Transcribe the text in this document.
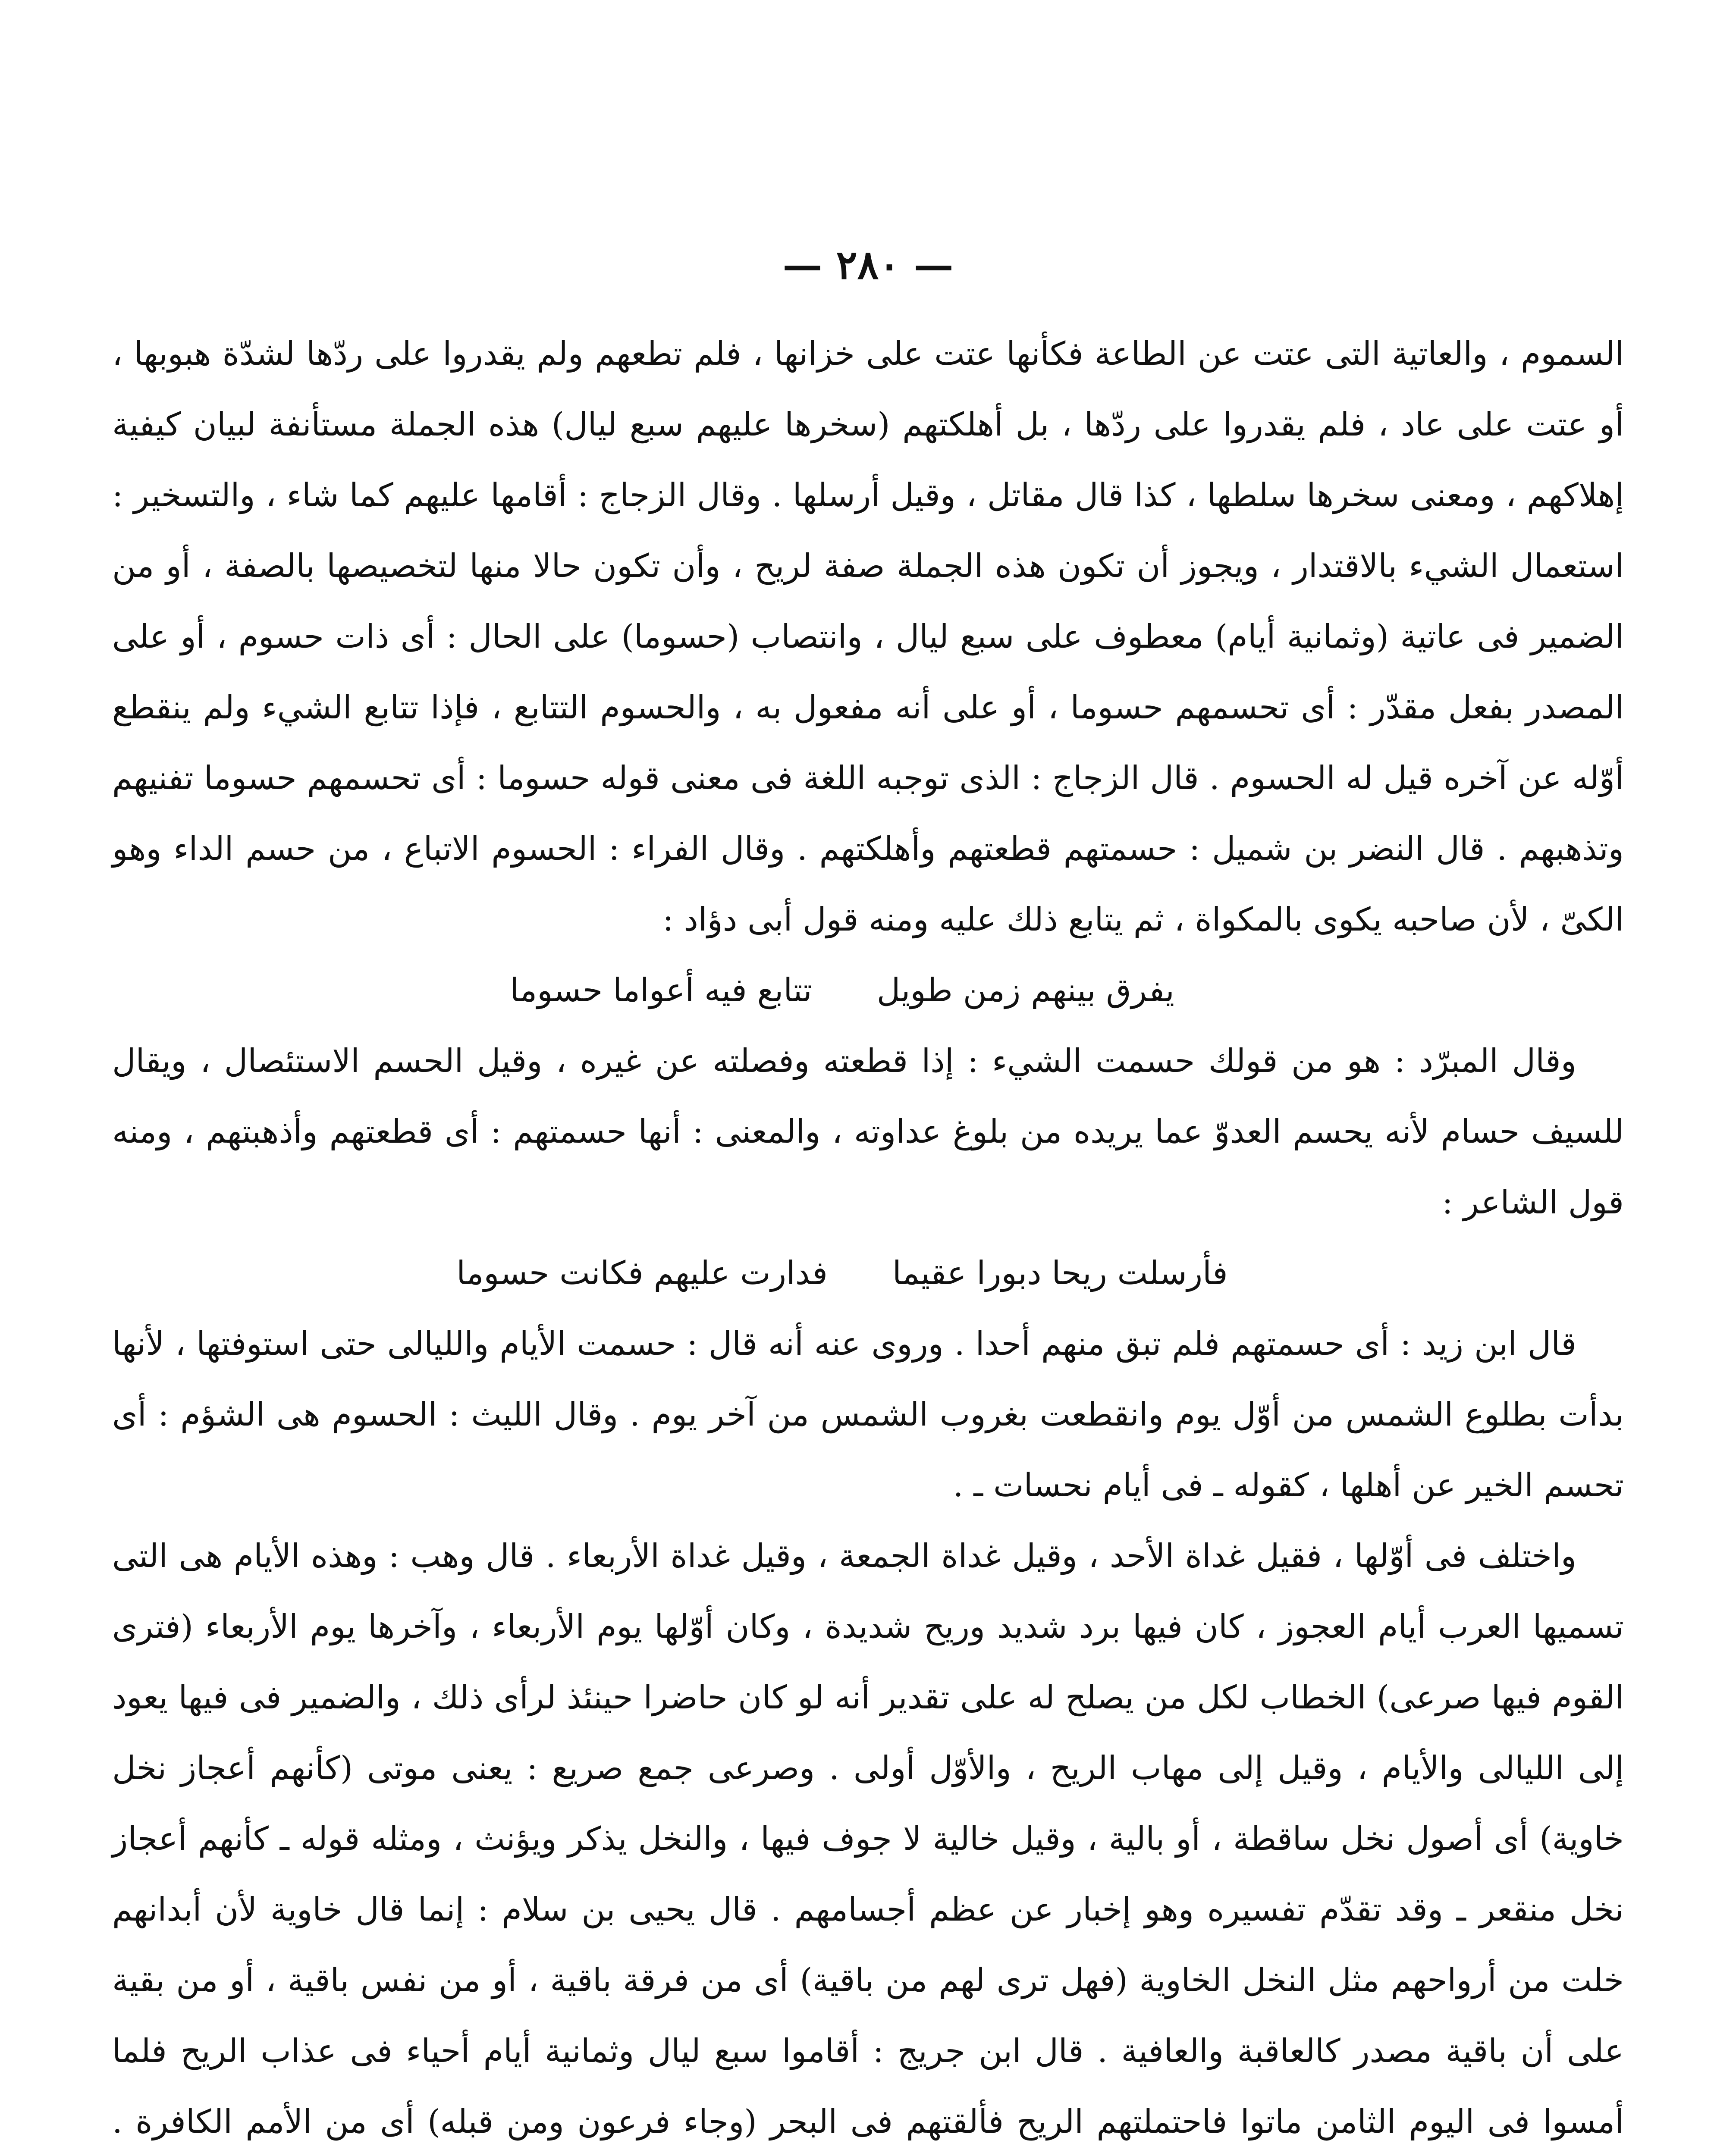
— ٢٨٠ —

السموم ، والعاتية التى عتت عن الطاعة فكأنها عتت على خزانها ، فلم تطعهم ولم يقدروا على ردّها لشدّة هبوبها ، أو عتت على عاد ، فلم يقدروا على ردّها ، بل أهلكتهم (سخرها عليهم سبع ليال) هذه الجملة مستأنفة لبيان كيفية إهلاكهم ، ومعنى سخرها سلطها ، كذا قال مقاتل ، وقيل أرسلها . وقال الزجاج : أقامها عليهم كما شاء ، والتسخير : استعمال الشيء بالاقتدار ، ويجوز أن تكون هذه الجملة صفة لريح ، وأن تكون حالا منها لتخصيصها بالصفة ، أو من الضمير فى عاتية (وثمانية أيام) معطوف على سبع ليال ، وانتصاب (حسوما) على الحال : أى ذات حسوم ، أو على المصدر بفعل مقدّر : أى تحسمهم حسوما ، أو على أنه مفعول به ، والحسوم التتابع ، فإذا تتابع الشيء ولم ينقطع أوّله عن آخره قيل له الحسوم . قال الزجاج : الذى توجبه اللغة فى معنى قوله حسوما : أى تحسمهم حسوما تفنيهم وتذهبهم . قال النضر بن شميل : حسمتهم قطعتهم وأهلكتهم . وقال الفراء : الحسوم الاتباع ، من حسم الداء وهو الكىّ ، لأن صاحبه يكوى بالمكواة ، ثم يتابع ذلك عليه ومنه قول أبى دؤاد :

يفرق بينهم زمن طويل
تتابع فيه أعواما حسوما

وقال المبرّد : هو من قولك حسمت الشيء : إذا قطعته وفصلته عن غيره ، وقيل الحسم الاستئصال ، ويقال للسيف حسام لأنه يحسم العدوّ عما يريده من بلوغ عداوته ، والمعنى : أنها حسمتهم : أى قطعتهم وأذهبتهم ، ومنه قول الشاعر :

فأرسلت ريحا دبورا عقيما
فدارت عليهم فكانت حسوما

قال ابن زيد : أى حسمتهم فلم تبق منهم أحدا . وروى عنه أنه قال : حسمت الأيام والليالى حتى استوفتها ، لأنها بدأت بطلوع الشمس من أوّل يوم وانقطعت بغروب الشمس من آخر يوم . وقال الليث : الحسوم هى الشؤم : أى تحسم الخير عن أهلها ، كقوله ـ فى أيام نحسات ـ .

واختلف فى أوّلها ، فقيل غداة الأحد ، وقيل غداة الجمعة ، وقيل غداة الأربعاء . قال وهب : وهذه الأيام هى التى تسميها العرب أيام العجوز ، كان فيها برد شديد وريح شديدة ، وكان أوّلها يوم الأربعاء ، وآخرها يوم الأربعاء (فترى القوم فيها صرعى) الخطاب لكل من يصلح له على تقدير أنه لو كان حاضرا حينئذ لرأى ذلك ، والضمير فى فيها يعود إلى الليالى والأيام ، وقيل إلى مهاب الريح ، والأوّل أولى . وصرعى جمع صريع : يعنى موتى (كأنهم أعجاز نخل خاوية) أى أصول نخل ساقطة ، أو بالية ، وقيل خالية لا جوف فيها ، والنخل يذكر ويؤنث ، ومثله قوله ـ كأنهم أعجاز نخل منقعر ـ وقد تقدّم تفسيره وهو إخبار عن عظم أجسامهم . قال يحيى بن سلام : إنما قال خاوية لأن أبدانهم خلت من أرواحهم مثل النخل الخاوية (فهل ترى لهم من باقية) أى من فرقة باقية ، أو من نفس باقية ، أو من بقية على أن باقية مصدر كالعاقبة والعافية . قال ابن جريج : أقاموا سبع ليال وثمانية أيام أحياء فى عذاب الريح فلما أمسوا فى اليوم الثامن ماتوا فاحتملتهم الريح فألقتهم فى البحر (وجاء فرعون ومن قبله) أى من الأمم الكافرة .
